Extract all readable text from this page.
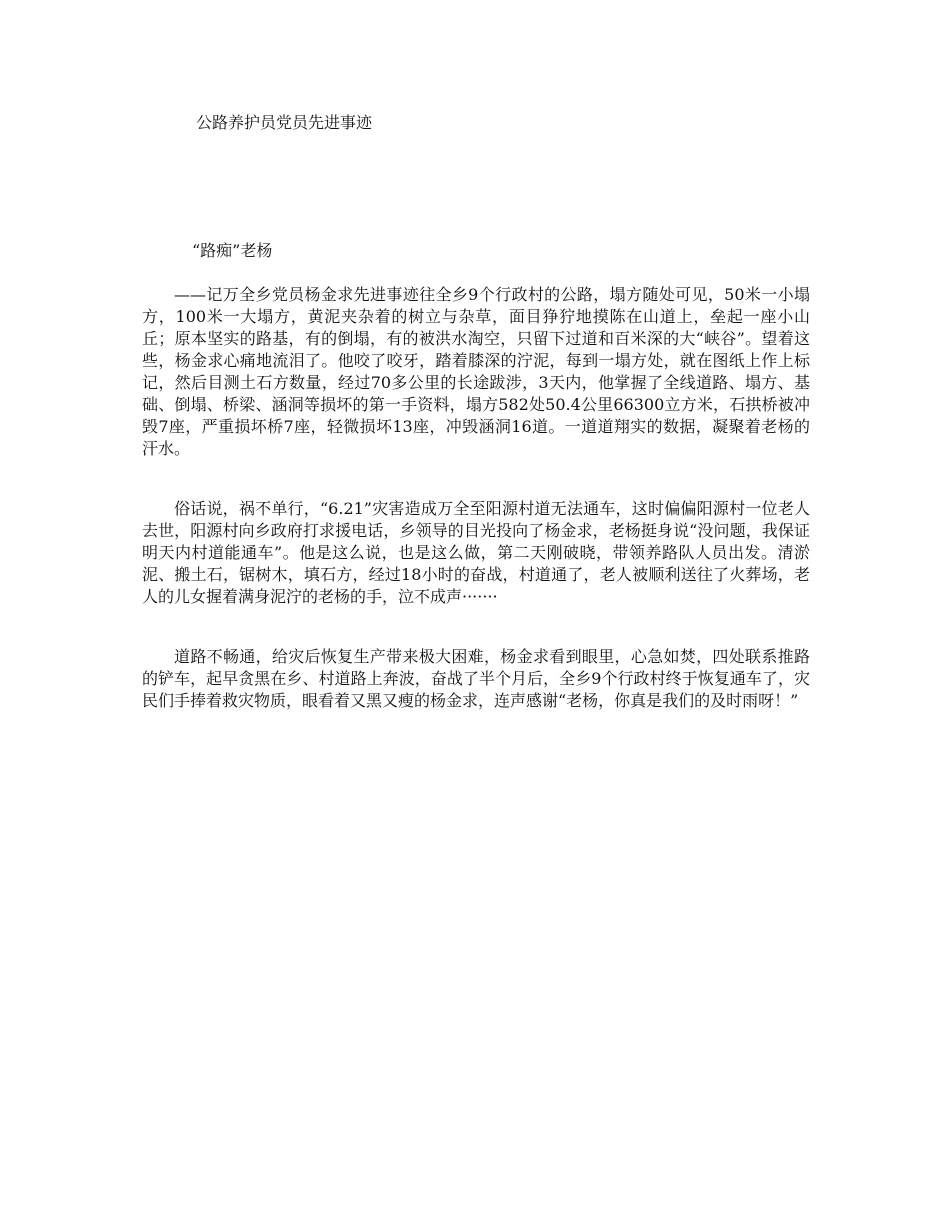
公路养护员党员先进事迹
“路痴”老杨

——记万全乡党员杨金求先进事迹往全乡9个行政村的公路，塌方随处可见，50米一小塌方，100米一大塌方，黄泥夹杂着的树立与杂草，面目狰狞地摸陈在山道上，垒起一座小山丘；原本坚实的路基，有的倒塌，有的被洪水淘空，只留下过道和百米深的大“峡谷”。望着这些，杨金求心痛地流泪了。他咬了咬牙，踏着膝深的泞泥，每到一塌方处，就在图纸上作上标记，然后目测土石方数量，经过70多公里的长途跋涉，3天内，他掌握了全线道路、塌方、基础、倒塌、桥梁、涵洞等损坏的第一手资料，塌方582处50.4公里66300立方米，石拱桥被冲毁7座，严重损坏桥7座，轻微损坏13座，冲毁涵洞16道。一道道翔实的数据，凝聚着老杨的汗水。

俗话说，祸不单行，“6.21”灾害造成万全至阳源村道无法通车，这时偏偏阳源村一位老人去世，阳源村向乡政府打求援电话，乡领导的目光投向了杨金求，老杨挺身说“没问题，我保证明天内村道能通车”。他是这么说，也是这么做，第二天刚破晓，带领养路队人员出发。清淤泥、搬土石，锯树木，填石方，经过18小时的奋战，村道通了，老人被顺利送往了火葬场，老人的儿女握着满身泥泞的老杨的手，泣不成声·······

道路不畅通，给灾后恢复生产带来极大困难，杨金求看到眼里，心急如焚，四处联系推路的铲车，起早贪黑在乡、村道路上奔波，奋战了半个月后，全乡9个行政村终于恢复通车了，灾民们手捧着救灾物质，眼看着又黑又瘦的杨金求，连声感谢“老杨，你真是我们的及时雨呀！”
